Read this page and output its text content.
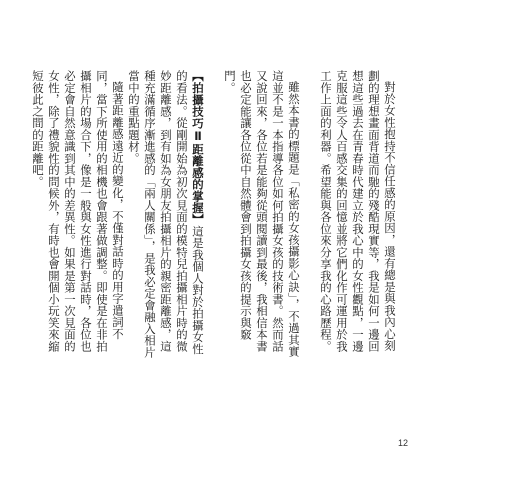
對於女性抱持不信任感的原因，還有總是與我內心刻劃的理想畫面背道而馳的殘酷現實等，我是如何一邊回想這些過去在青春時代建立於我心中的女性觀點，一邊克服這些令人百感交集的回憶並將它們化作可運用於我工作上面的利器。希望能與各位來分享我的心路歷程。

雖然本書的標題是「私密的女孩攝影心訣」，不過其實這並不是一本指導各位如何拍攝女孩的技術書。然而話又說回來，各位若是能夠從頭閱讀到最後，我相信本書也必定能讓各位從中自然體會到拍攝女孩的提示與竅門。

【拍攝技巧Ⅱ距離感的掌握】這是我個人對於拍攝女性的看法。從剛開始為初次見面的模特兒拍攝相片時的微妙距離感，到有如為女朋友拍攝相片的親密距離感，這種充滿循序漸進感的「兩人關係」，是我必定會融入相片當中的重點題材。

隨著距離感遠近的變化，不僅對話時的用字遣詞不同，當下所使用的相機也會跟著做調整。即使是在非拍攝相片的場合下，像是一般與女性進行對話時，各位也必定會自然意識到其中的差異性。如果是第一次見面的女性，除了禮貌性的問候外，有時也會開個小玩笑來縮短彼此之間的距離吧。

12
